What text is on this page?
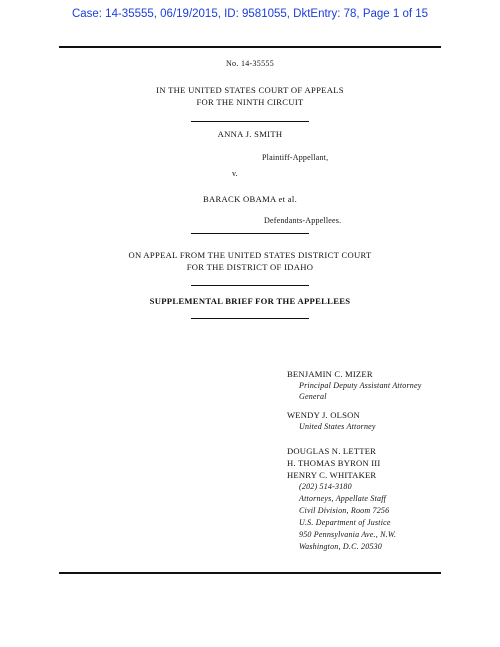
Case: 14-35555, 06/19/2015, ID: 9581055, DktEntry: 78, Page 1 of 15
No. 14-35555
IN THE UNITED STATES COURT OF APPEALS
FOR THE NINTH CIRCUIT
ANNA J. SMITH
Plaintiff-Appellant,
v.
BARACK OBAMA et al.
Defendants-Appellees.
ON APPEAL FROM THE UNITED STATES DISTRICT COURT
FOR THE DISTRICT OF IDAHO
SUPPLEMENTAL BRIEF FOR THE APPELLEES
BENJAMIN C. MIZER
Principal Deputy Assistant Attorney
General
WENDY J. OLSON
United States Attorney
DOUGLAS N. LETTER
H. THOMAS BYRON III
HENRY C. WHITAKER
(202) 514-3180
Attorneys, Appellate Staff
Civil Division, Room 7256
U.S. Department of Justice
950 Pennsylvania Ave., N.W.
Washington, D.C. 20530
